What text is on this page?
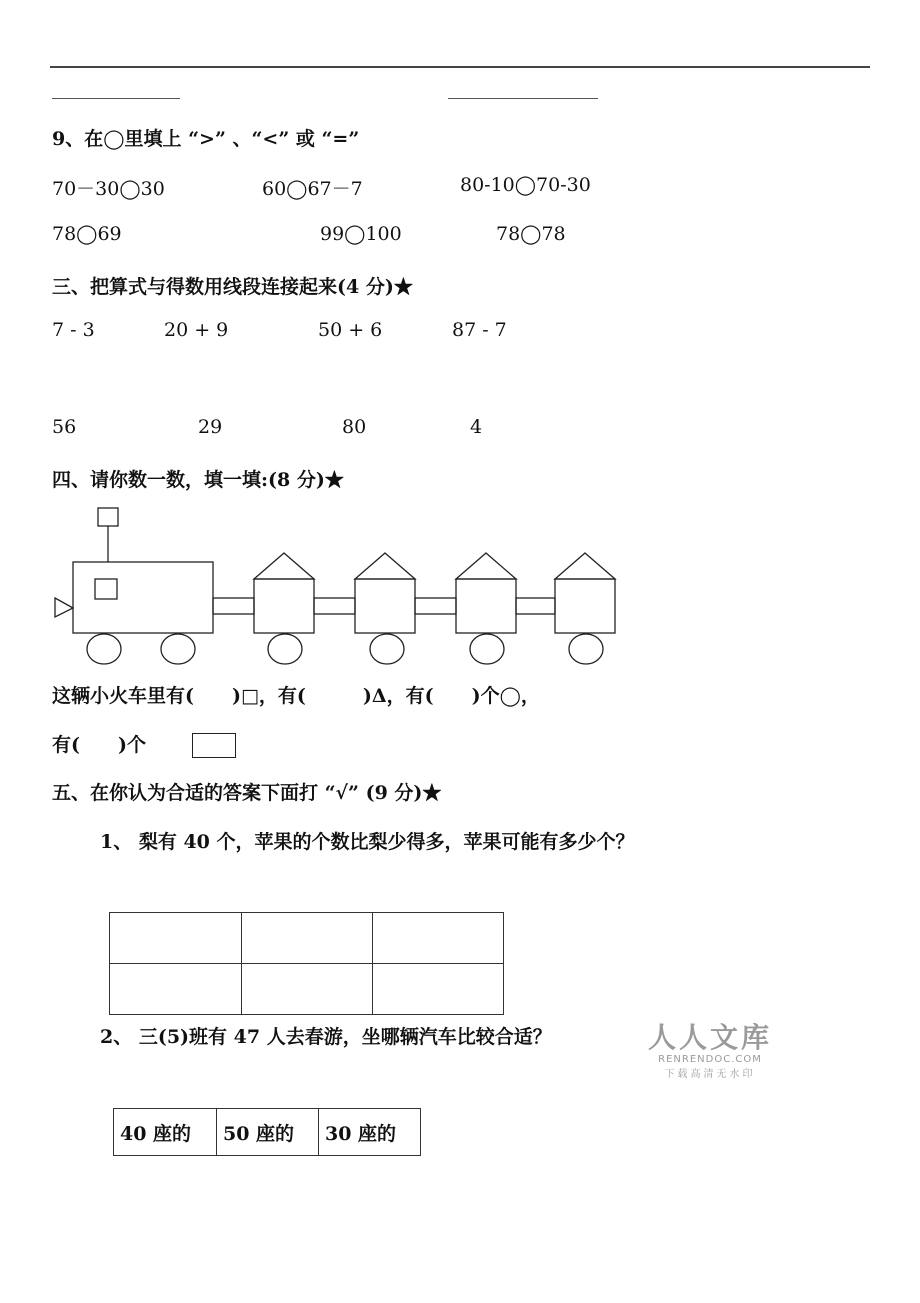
9、在◯里填上 “>” 、“<” 或 “=”
70－30◯30	60◯67－7	80-10◯70-30
78◯69	99◯100	78◯78
三、把算式与得数用线段连接起来(4 分)★
7 - 3	20 + 9	50 + 6	87 - 7
56	29	80	4
四、请你数一数，填一填:(8 分)★
这辆小火车里有(　　)□，有(　　　)Δ，有(　　)个◯，
有(　　)个
五、在你认为合适的答案下面打 “√” (9 分)★
1、 梨有 40 个，苹果的个数比梨少得多，苹果可能有多少个？

2、 三(5)班有 47 人去春游，坐哪辆汽车比较合适？
40 座的	50 座的	30 座的
人人文库
RENRENDOC.COM
下载高清无水印
